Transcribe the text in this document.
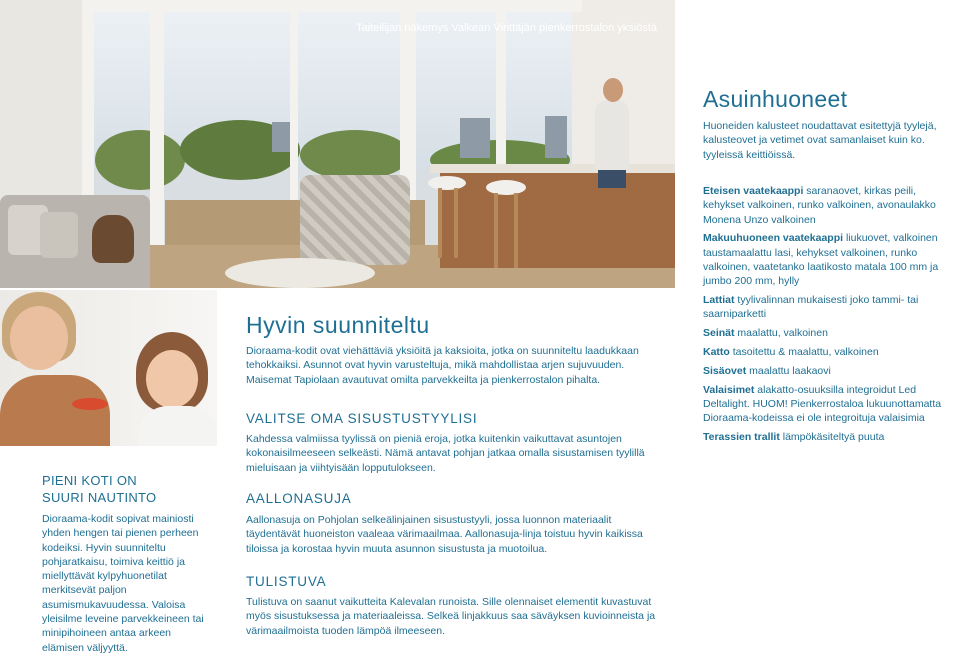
Taiteilijan näkemys Valkean Virittäjän pienkerrostalon yksiöstä
PIENI KOTI ON
SUURI NAUTINTO
Dioraama-kodit sopivat mainiosti yhden hengen tai pienen perheen kodeiksi. Hyvin suunniteltu pohjaratkaisu, toimiva keittiö ja miellyttävät kylpyhuonetilat merkitsevät paljon asumismukavuudessa. Valoisa yleisilme leveine parvekkeineen tai minipihoineen antaa arkeen elämisen väljyyttä.
Hyvin suunniteltu
Dioraama-kodit ovat viehättäviä yksiöitä ja kaksioita, jotka on suunniteltu laadukkaan tehokkaiksi. Asunnot ovat hyvin varusteltuja, mikä mahdollistaa arjen sujuvuuden. Maisemat Tapiolaan avautuvat omilta parvekkeilta ja pienkerrostalon pihalta.
VALITSE OMA SISUSTUSTYYLISI
Kahdessa valmiissa tyylissä on pieniä eroja, jotka kuitenkin vaikuttavat asuntojen kokonaisilmeeseen selkeästi. Nämä antavat pohjan jatkaa omalla sisustamisen tyylillä mieluisaan ja viihtyisään lopputulokseen.
AALLONASUJA
Aallonasuja on Pohjolan selkeälinjainen sisustustyyli, jossa luonnon materiaalit täydentävät huoneiston vaaleaa värimaailmaa. Aallonasuja-linja toistuu hyvin kaikissa tiloissa ja korostaa hyvin muuta asunnon sisustusta ja muotoilua.
TULISTUVA
Tulistuva on saanut vaikutteita Kalevalan runoista. Sille olennaiset elementit kuvastuvat myös sisustuksessa ja materiaaleissa. Selkeä linjakkuus saa säväyksen kuvioinneista ja värimaailmoista tuoden lämpöä ilmeeseen.
Asuinhuoneet
Huoneiden kalusteet noudattavat esitettyjä tyylejä, kalusteovet ja vetimet ovat samanlaiset kuin ko. tyyleissä keittiöissä.
Eteisen vaatekaappi saranaovet, kirkas peili, kehykset valkoinen, runko valkoinen, avonaulakko Monena Unzo valkoinen
Makuuhuoneen vaatekaappi liukuovet, valkoinen taustamaalattu lasi, kehykset valkoinen, runko valkoinen, vaatetanko laatikosto matala 100 mm ja jumbo 200 mm, hylly
Lattiat tyylivalinnan mukaisesti joko tammi- tai saarniparketti
Seinät maalattu, valkoinen
Katto tasoitettu & maalattu, valkoinen
Sisäovet maalattu laakaovi
Valaisimet alakatto-osuuksilla integroidut Led Deltalight. HUOM! Pienkerrostaloa lukuunottamatta Dioraama-kodeissa ei ole integroituja valaisimia
Terassien trallit lämpökäsiteltyä puuta
